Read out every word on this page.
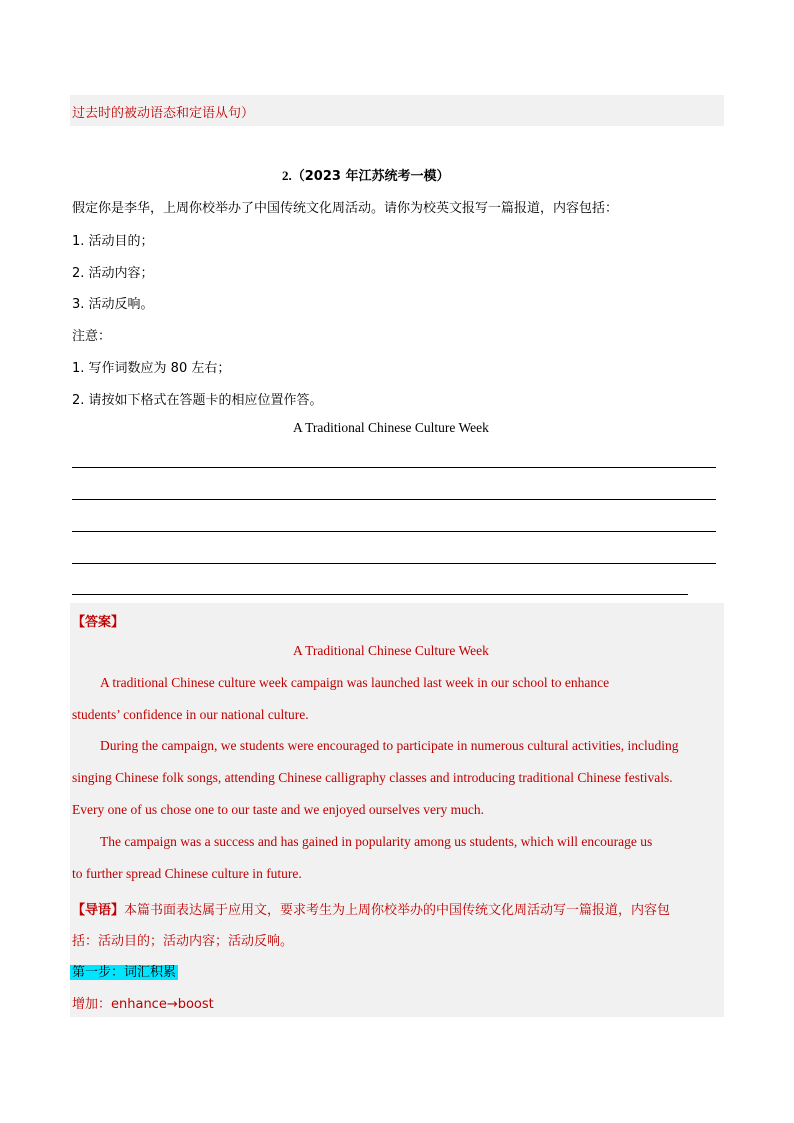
过去时的被动语态和定语从句）
2.（2023 年江苏统考一模）
假定你是李华，上周你校举办了中国传统文化周活动。请你为校英文报写一篇报道，内容包括：
1. 活动目的；
2. 活动内容；
3. 活动反响。
注意：
1. 写作词数应为 80 左右；
2. 请按如下格式在答题卡的相应位置作答。
A Traditional Chinese Culture Week
【答案】
A Traditional Chinese Culture Week
A traditional Chinese culture week campaign was launched last week in our school to enhance
students’ confidence in our national culture.
During the campaign, we students were encouraged to participate in numerous cultural activities, including
singing Chinese folk songs, attending Chinese calligraphy classes and introducing traditional Chinese festivals.
Every one of us chose one to our taste and we enjoyed ourselves very much.
The campaign was a success and has gained in popularity among us students, which will encourage us
to further spread Chinese culture in future.
【导语】本篇书面表达属于应用文，要求考生为上周你校举办的中国传统文化周活动写一篇报道，内容包
括：活动目的；活动内容；活动反响。
第一步：词汇积累
增加：enhance→boost
